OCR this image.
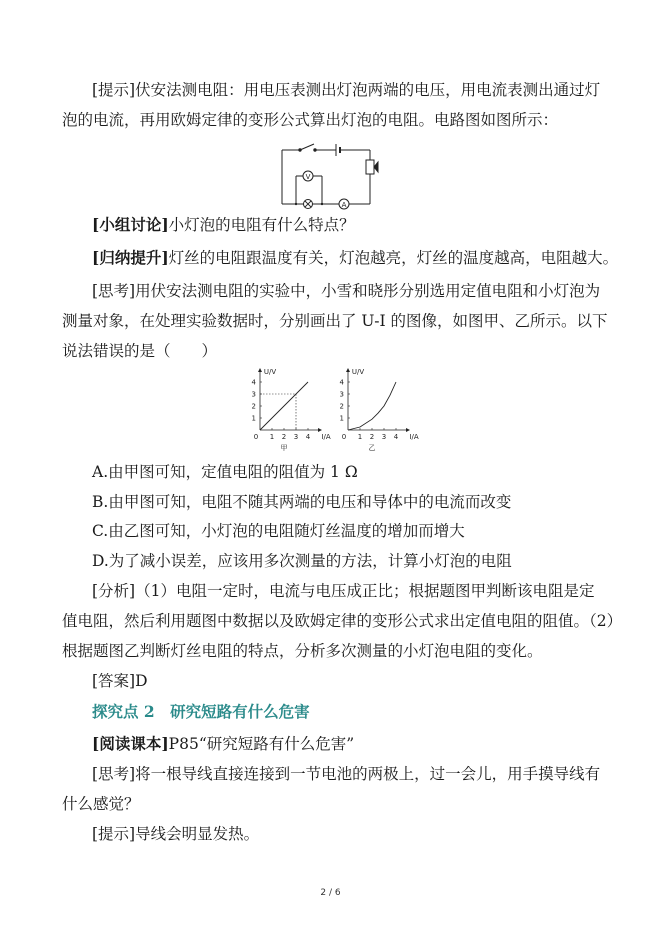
[提示]伏安法测电阻：用电压表测出灯泡两端的电压，用电流表测出通过灯
泡的电流，再用欧姆定律的变形公式算出灯泡的电阻。电路图如图所示：
V
A
[小组讨论]小灯泡的电阻有什么特点？
[归纳提升]灯丝的电阻跟温度有关，灯泡越亮，灯丝的温度越高，电阻越大。
[思考]用伏安法测电阻的实验中，小雪和晓彤分别选用定值电阻和小灯泡为
测量对象，在处理实验数据时，分别画出了 U-I 的图像，如图甲、乙所示。以下
说法错误的是（　　）
1 2 3 4
1
2
3
4
0	I/A
U/V
甲
1 2 3 4
1
2
3
4
0	I/A
U/V
乙
A.由甲图可知，定值电阻的阻值为 1 Ω
B.由甲图可知，电阻不随其两端的电压和导体中的电流而改变
C.由乙图可知，小灯泡的电阻随灯丝温度的增加而增大
D.为了减小误差，应该用多次测量的方法，计算小灯泡的电阻
[分析]（1）电阻一定时，电流与电压成正比；根据题图甲判断该电阻是定
值电阻，然后利用题图中数据以及欧姆定律的变形公式求出定值电阻的阻值。（2）
根据题图乙判断灯丝电阻的特点，分析多次测量的小灯泡电阻的变化。
[答案]D
探究点 2　研究短路有什么危害
[阅读课本]P85“研究短路有什么危害”
[思考]将一根导线直接连接到一节电池的两极上，过一会儿，用手摸导线有
什么感觉？
[提示]导线会明显发热。
2 / 6
